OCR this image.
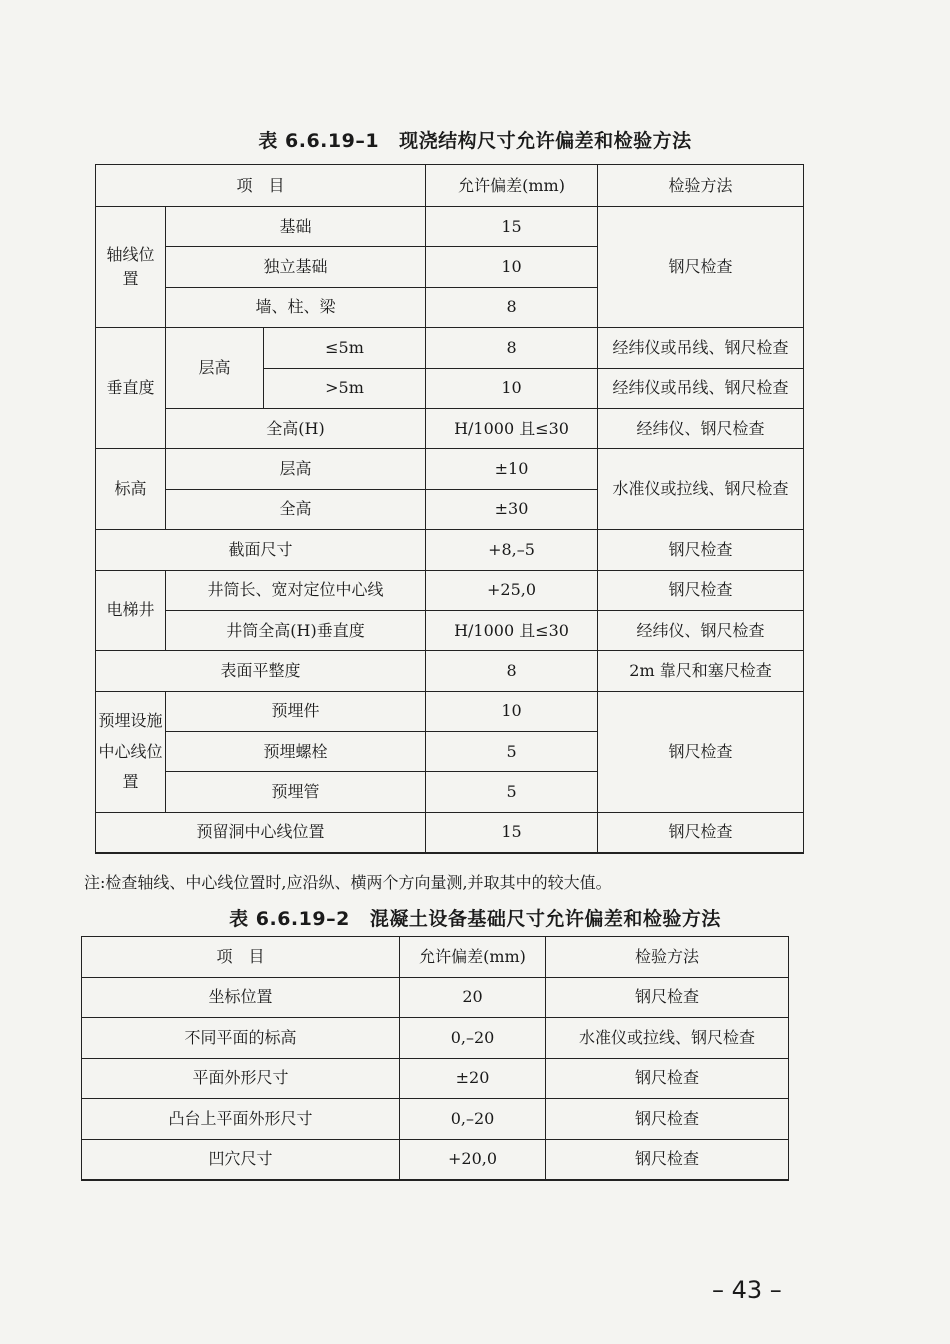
表 6.6.19–1 现浇结构尺寸允许偏差和检验方法
项　目			允许偏差(mm)	检验方法
轴线位置	基础		15	钢尺检查
	独立基础		10	
	墙、柱、梁		8	
垂直度	层高	≤5m	8	经纬仪或吊线、钢尺检查
		>5m	10	经纬仪或吊线、钢尺检查
	全高(H)		H/1000 且≤30	经纬仪、钢尺检查
标高	层高		±10	水准仪或拉线、钢尺检查
	全高		±30	
截面尺寸			+8,–5	钢尺检查
电梯井	井筒长、宽对定位中心线		+25,0	钢尺检查
	井筒全高(H)垂直度		H/1000 且≤30	经纬仪、钢尺检查
表面平整度			8	2m 靠尺和塞尺检查
预埋设施中心线位置	预埋件		10	钢尺检查
	预埋螺栓		5	
	预埋管		5	
预留洞中心线位置			15	钢尺检查
注:检查轴线、中心线位置时,应沿纵、横两个方向量测,并取其中的较大值。
表 6.6.19–2 混凝土设备基础尺寸允许偏差和检验方法
项　目	允许偏差(mm)	检验方法
坐标位置	20	钢尺检查
不同平面的标高	0,–20	水准仪或拉线、钢尺检查
平面外形尺寸	±20	钢尺检查
凸台上平面外形尺寸	0,–20	钢尺检查
凹穴尺寸	+20,0	钢尺检查
– 43 –
